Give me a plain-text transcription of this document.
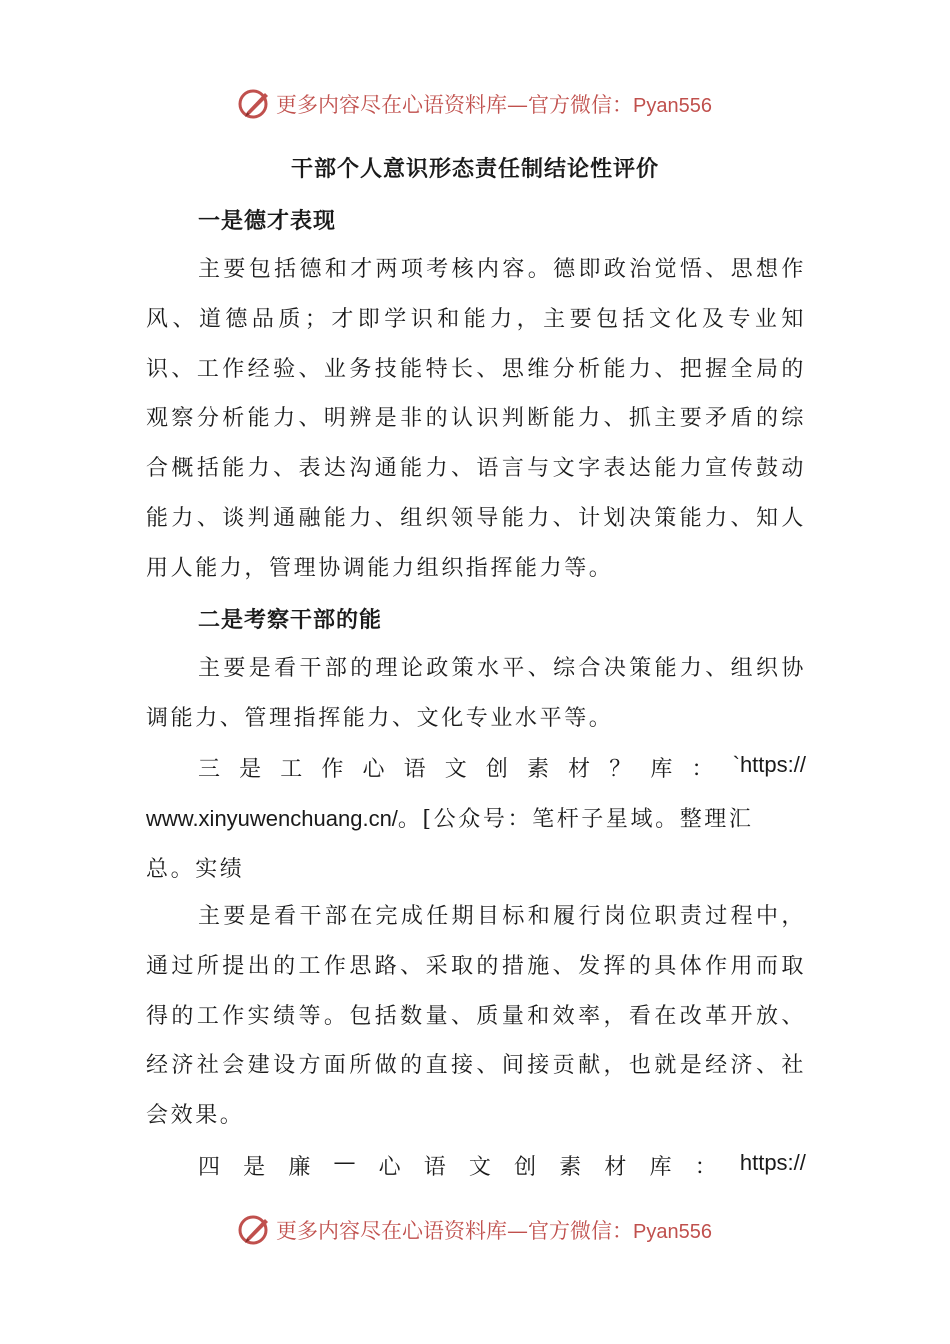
更多内容尽在心语资料库—官方微信：Pyan556
干部个人意识形态责任制结论性评价
一是德才表现
主要包括德和才两项考核内容。德即政治觉悟、思想作风、道德品质；才即学识和能力，主要包括文化及专业知识、工作经验、业务技能特长、思维分析能力、把握全局的观察分析能力、明辨是非的认识判断能力、抓主要矛盾的综合概括能力、表达沟通能力、语言与文字表达能力宣传鼓动能力、谈判通融能力、组织领导能力、计划决策能力、知人用人能力，管理协调能力组织指挥能力等。
二是考察干部的能
主要是看干部的理论政策水平、综合决策能力、组织协调能力、管理指挥能力、文化专业水平等。
三 是 工 作 心 语 文 创 素 材 ？ 库 ： `https://
www.xinyuwenchuang.cn/。[公众号：笔杆子星域。整理汇
总。实绩
主要是看干部在完成任期目标和履行岗位职责过程中，通过所提出的工作思路、采取的措施、发挥的具体作用而取得的工作实绩等。包括数量、质量和效率，看在改革开放、经济社会建设方面所做的直接、间接贡献，也就是经济、社会效果。
四 是 廉 — 心 语 文 创 素 材 库 ： https://
更多内容尽在心语资料库—官方微信：Pyan556
